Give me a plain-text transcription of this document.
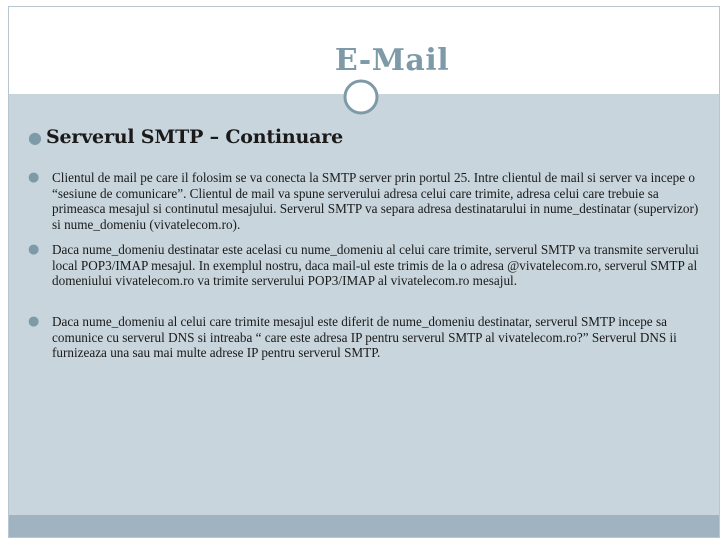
E-Mail
● Serverul SMTP – Continuare
● Clientul de mail pe care il folosim se va conecta la SMTP server prin portul 25. Intre clientul de mail si server va incepe o “sesiune de comunicare”. Clientul de mail va spune serverului adresa celui care trimite, adresa celui care trebuie sa primeasca mesajul si continutul mesajului. Serverul SMTP va separa adresa destinatarului in nume_destinatar (supervizor) si nume_domeniu (vivatelecom.ro).
● Daca nume_domeniu destinatar este acelasi cu nume_domeniu al celui care trimite, serverul SMTP va transmite serverului local POP3/IMAP mesajul. In exemplul nostru, daca mail-ul este trimis de la o adresa @vivatelecom.ro, serverul SMTP al domeniului vivatelecom.ro va trimite serverului POP3/IMAP al vivatelecom.ro mesajul.
● Daca nume_domeniu al celui care trimite mesajul este diferit de nume_domeniu destinatar, serverul SMTP incepe sa comunice cu serverul DNS si intreaba “ care este adresa IP pentru serverul SMTP al vivatelecom.ro?” Serverul DNS ii furnizeaza una sau mai multe adrese IP pentru serverul SMTP.
